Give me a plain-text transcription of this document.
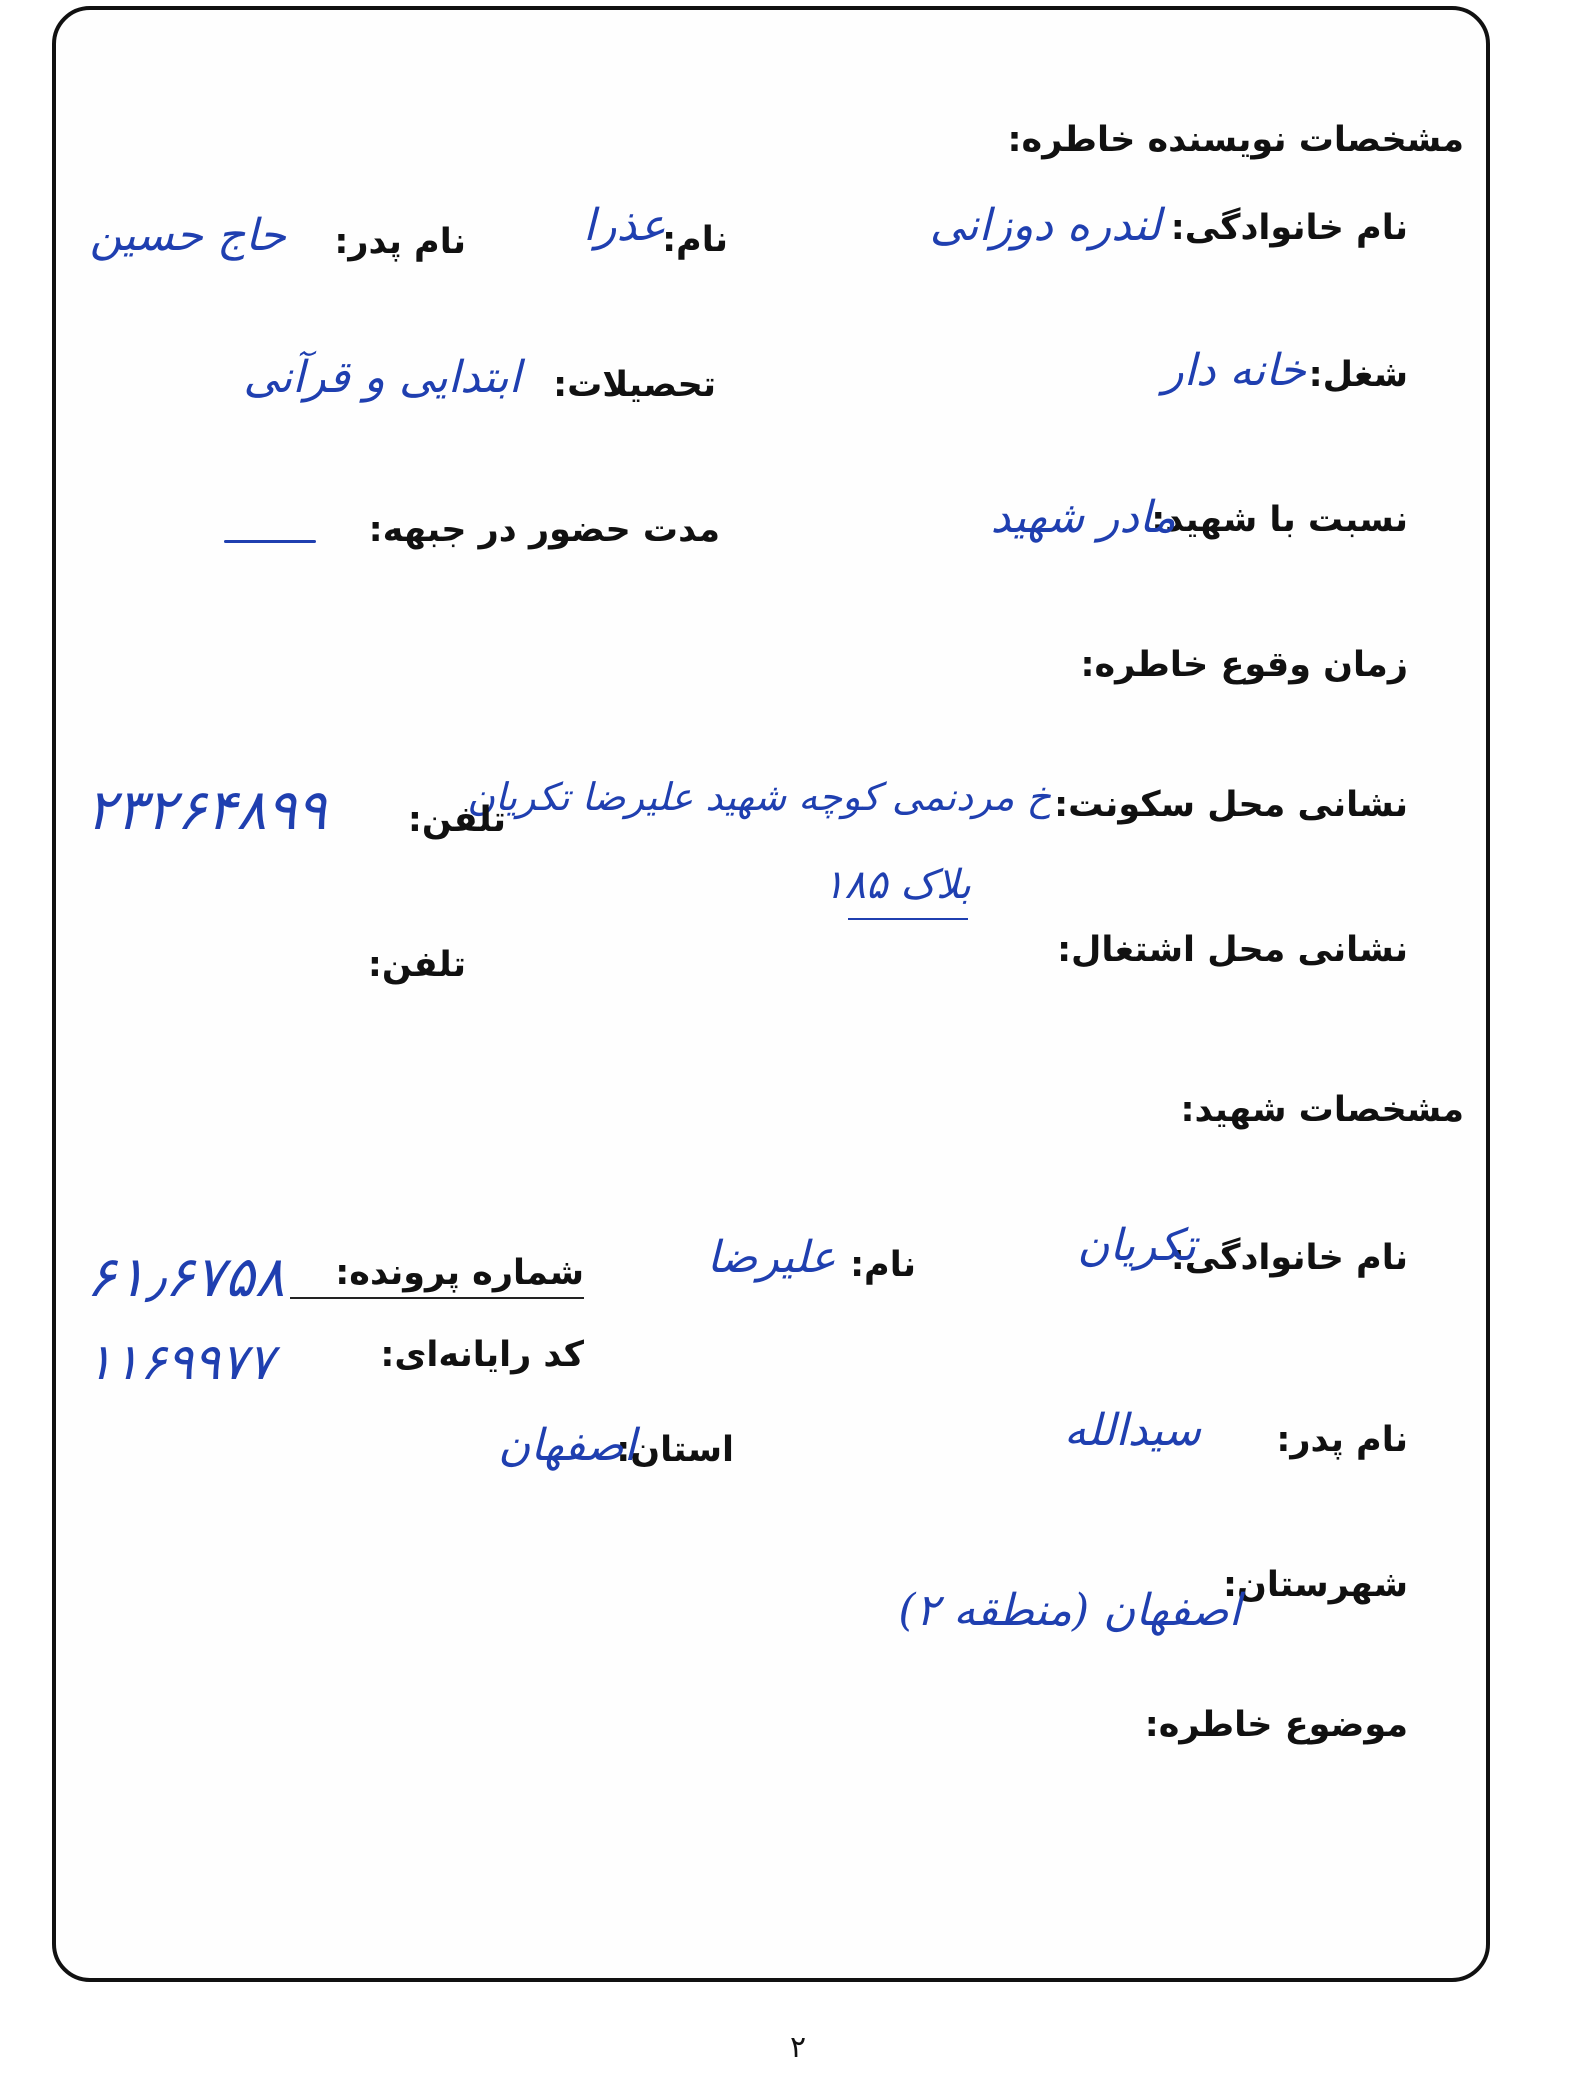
مشخصات نویسنده خاطره:
نام خانوادگی:
لندره دوزانی
نام:
عذرا
نام پدر:
حاج حسین
شغل:
خانه دار
تحصیلات:
ابتدایی و قرآنی
نسبت با شهید:
مادر شهید
مدت حضور در جبهه:
زمان وقوع خاطره:
نشانی محل سکونت:
خ مردنمی کوچه شهید علیرضا تکریان
بلاک ۱۸۵
تلفن:
۲۳۲۶۴۸۹۹
نشانی محل اشتغال:
تلفن:
مشخصات شهید:
نام خانوادگی:
تکریان
نام:
علیرضا
شماره پرونده:
۶۱٫۶۷۵۸
کد رایانه‌ای:
۱۱۶۹۹۷۷
نام پدر:
سیدالله
استان:
اصفهان
شهرستان:
اصفهان (منطقه ۲)
موضوع خاطره:
۲
